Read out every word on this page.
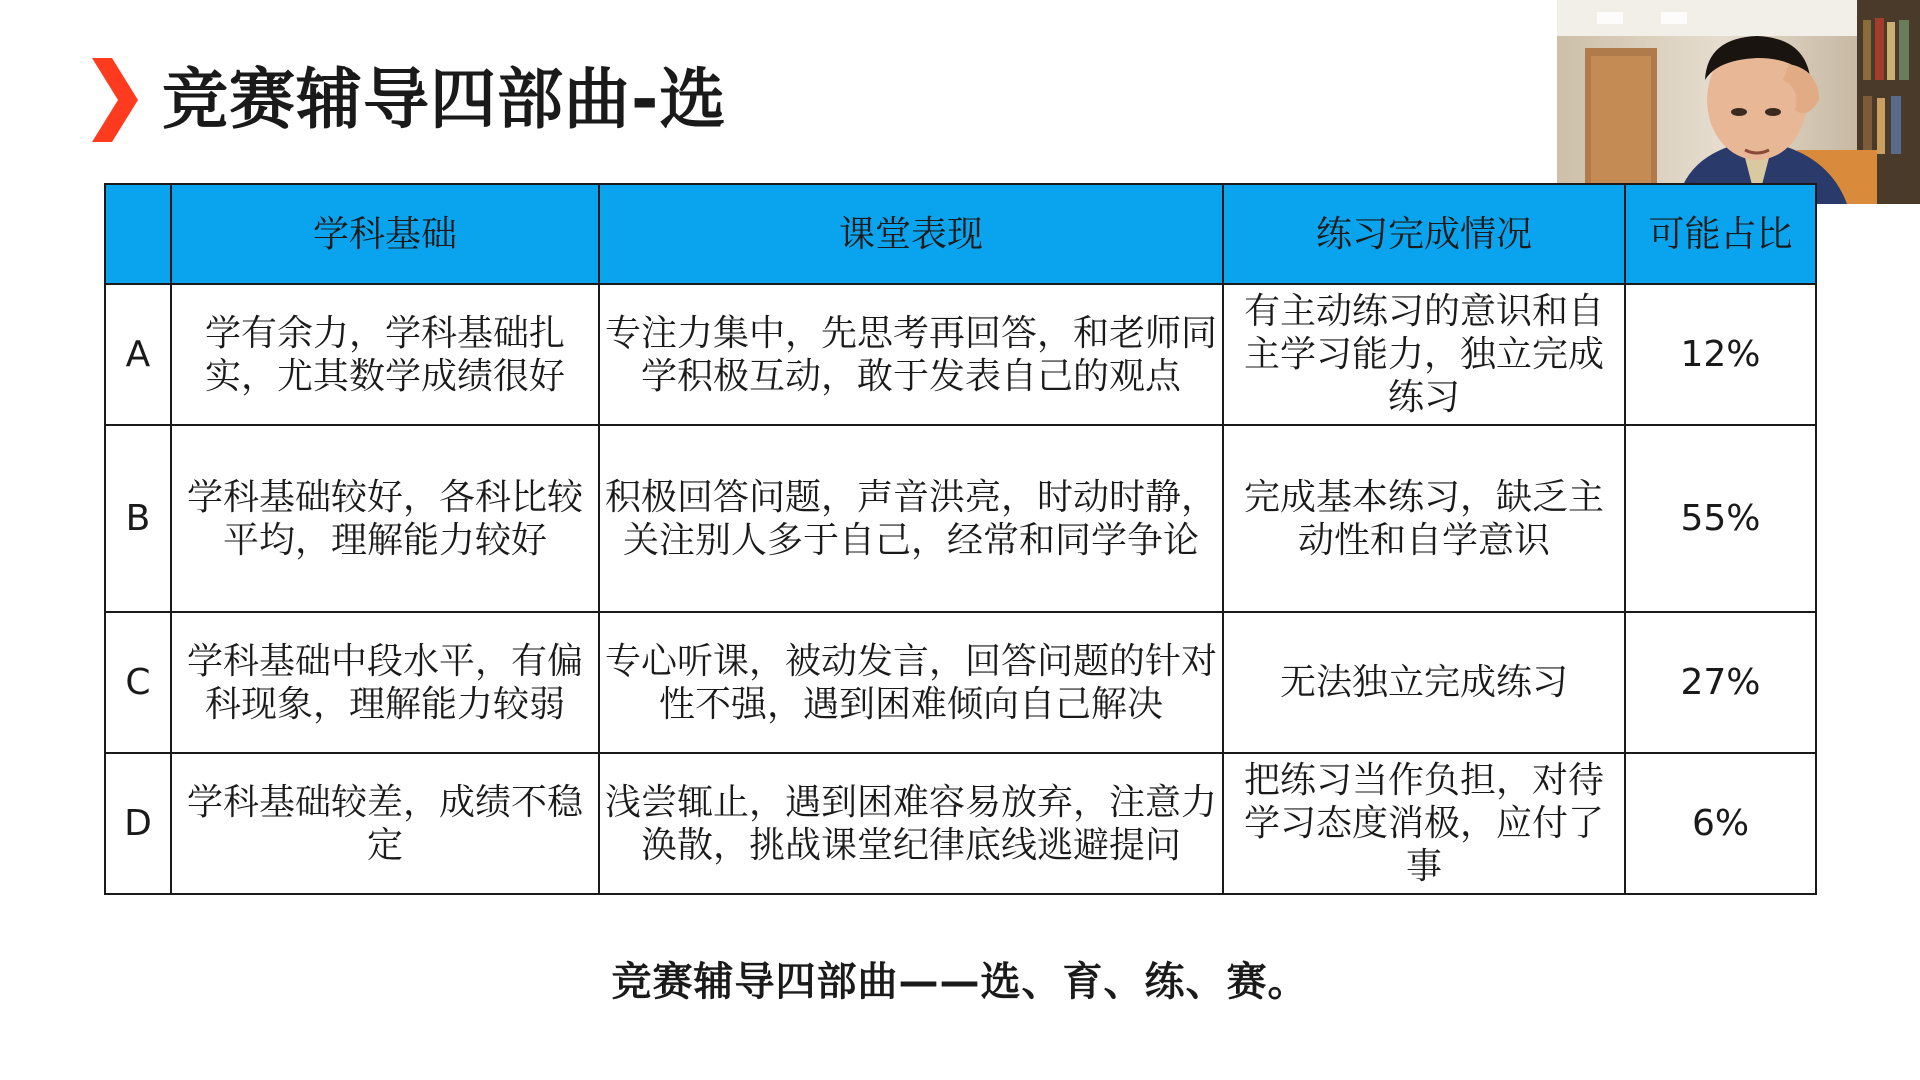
竞赛辅导四部曲-选
	学科基础	课堂表现	练习完成情况	可能占比
A	学有余力，学科基础扎实，尤其数学成绩很好	专注力集中，先思考再回答，和老师同学积极互动，敢于发表自己的观点	有主动练习的意识和自主学习能力，独立完成练习	12%
B	学科基础较好，各科比较平均，理解能力较好	积极回答问题，声音洪亮，时动时静，关注别人多于自己，经常和同学争论	完成基本练习，缺乏主动性和自学意识	55%
C	学科基础中段水平，有偏科现象，理解能力较弱	专心听课，被动发言，回答问题的针对性不强，遇到困难倾向自己解决	无法独立完成练习	27%
D	学科基础较差，成绩不稳定	浅尝辄止，遇到困难容易放弃，注意力涣散，挑战课堂纪律底线逃避提问	把练习当作负担，对待学习态度消极，应付了事	6%
竞赛辅导四部曲——选、育、练、赛。
